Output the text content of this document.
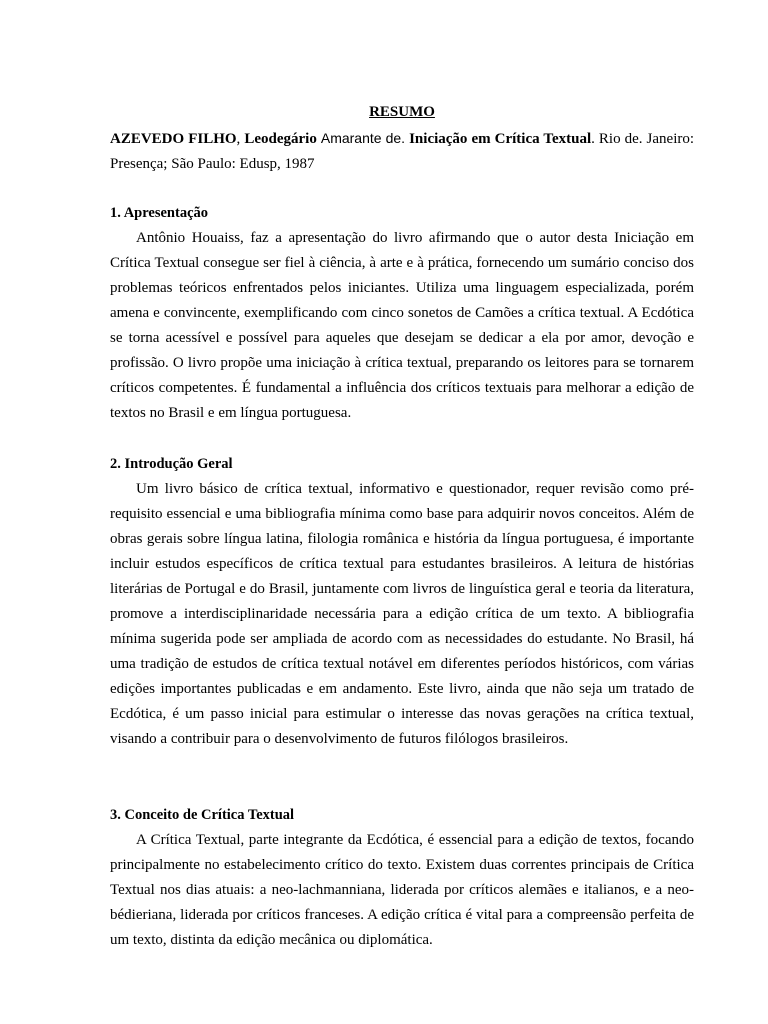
RESUMO
AZEVEDO FILHO, Leodegário Amarante de. Iniciação em Crítica Textual. Rio de. Janeiro: Presença; São Paulo: Edusp, 1987
1. Apresentação

Antônio Houaiss, faz a apresentação do livro afirmando que o autor desta Iniciação em Crítica Textual consegue ser fiel à ciência, à arte e à prática, fornecendo um sumário conciso dos problemas teóricos enfrentados pelos iniciantes. Utiliza uma linguagem especializada, porém amena e convincente, exemplificando com cinco sonetos de Camões a crítica textual. A Ecdótica se torna acessível e possível para aqueles que desejam se dedicar a ela por amor, devoção e profissão. O livro propõe uma iniciação à crítica textual, preparando os leitores para se tornarem críticos competentes. É fundamental a influência dos críticos textuais para melhorar a edição de textos no Brasil e em língua portuguesa.

2. Introdução Geral

Um livro básico de crítica textual, informativo e questionador, requer revisão como pré-requisito essencial e uma bibliografia mínima como base para adquirir novos conceitos. Além de obras gerais sobre língua latina, filologia românica e história da língua portuguesa, é importante incluir estudos específicos de crítica textual para estudantes brasileiros. A leitura de histórias literárias de Portugal e do Brasil, juntamente com livros de linguística geral e teoria da literatura, promove a interdisciplinaridade necessária para a edição crítica de um texto. A bibliografia mínima sugerida pode ser ampliada de acordo com as necessidades do estudante. No Brasil, há uma tradição de estudos de crítica textual notável em diferentes períodos históricos, com várias edições importantes publicadas e em andamento. Este livro, ainda que não seja um tratado de Ecdótica, é um passo inicial para estimular o interesse das novas gerações na crítica textual, visando a contribuir para o desenvolvimento de futuros filólogos brasileiros.

3. Conceito de Crítica Textual

A Crítica Textual, parte integrante da Ecdótica, é essencial para a edição de textos, focando principalmente no estabelecimento crítico do texto. Existem duas correntes principais de Crítica Textual nos dias atuais: a neo-lachmanniana, liderada por críticos alemães e italianos, e a neo-bédieriana, liderada por críticos franceses. A edição crítica é vital para a compreensão perfeita de um texto, distinta da edição mecânica ou diplomática.
